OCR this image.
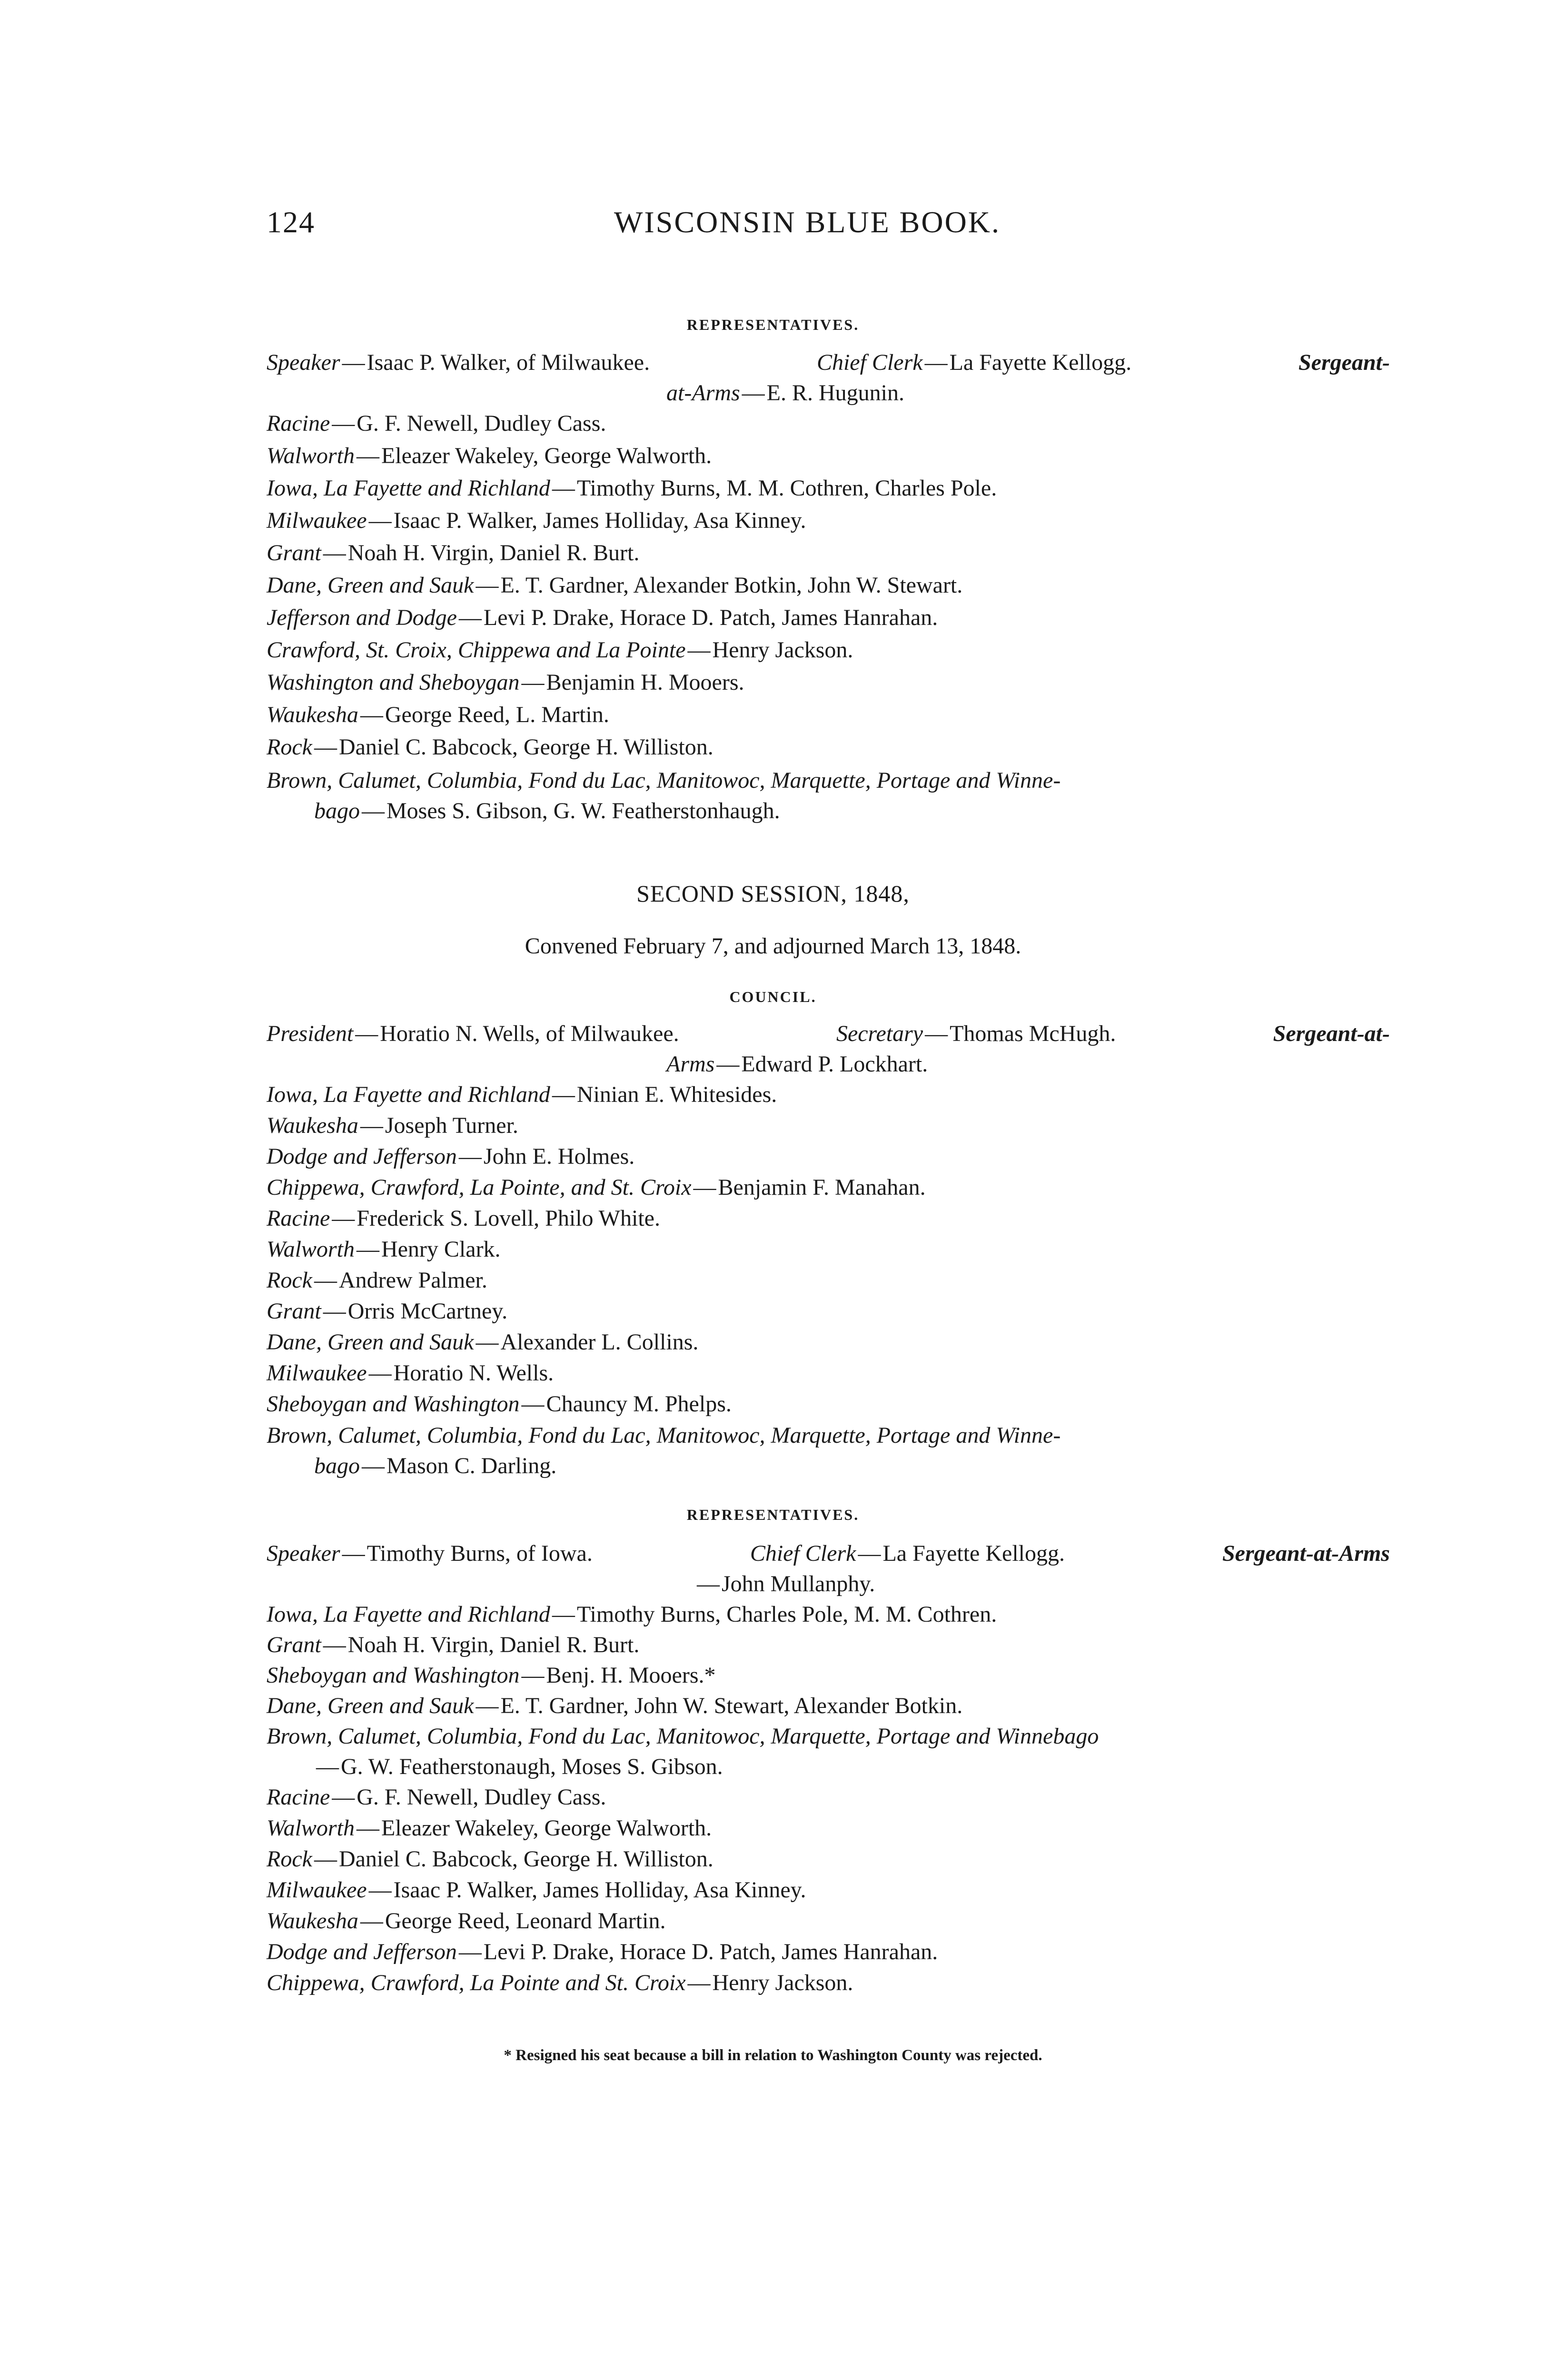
124	WISCONSIN BLUE BOOK.
REPRESENTATIVES.
Speaker—Isaac P. Walker, of Milwaukee.	Chief Clerk—La Fayette Kellogg.	Sergeant-
at-Arms—E. R. Hugunin.
Racine—G. F. Newell, Dudley Cass.
Walworth—Eleazer Wakeley, George Walworth.
Iowa, La Fayette and Richland—Timothy Burns, M. M. Cothren, Charles Pole.
Milwaukee—Isaac P. Walker, James Holliday, Asa Kinney.
Grant—Noah H. Virgin, Daniel R. Burt.
Dane, Green and Sauk—E. T. Gardner, Alexander Botkin, John W. Stewart.
Jefferson and Dodge—Levi P. Drake, Horace D. Patch, James Hanrahan.
Crawford, St. Croix, Chippewa and La Pointe—Henry Jackson.
Washington and Sheboygan—Benjamin H. Mooers.
Waukesha—George Reed, L. Martin.
Rock—Daniel C. Babcock, George H. Williston.
Brown, Calumet, Columbia, Fond du Lac, Manitowoc, Marquette, Portage and Winne-
bago—Moses S. Gibson, G. W. Featherstonhaugh.
SECOND SESSION, 1848,
Convened February 7, and adjourned March 13, 1848.
COUNCIL.
President—Horatio N. Wells, of Milwaukee.	Secretary—Thomas McHugh.	Sergeant-at-
Arms—Edward P. Lockhart.
Iowa, La Fayette and Richland—Ninian E. Whitesides.
Waukesha—Joseph Turner.
Dodge and Jefferson—John E. Holmes.
Chippewa, Crawford, La Pointe, and St. Croix—Benjamin F. Manahan.
Racine—Frederick S. Lovell, Philo White.
Walworth—Henry Clark.
Rock—Andrew Palmer.
Grant—Orris McCartney.
Dane, Green and Sauk—Alexander L. Collins.
Milwaukee—Horatio N. Wells.
Sheboygan and Washington—Chauncy M. Phelps.
Brown, Calumet, Columbia, Fond du Lac, Manitowoc, Marquette, Portage and Winne-
bago—Mason C. Darling.
REPRESENTATIVES.
Speaker—Timothy Burns, of Iowa.	Chief Clerk—La Fayette Kellogg.	Sergeant-at-Arms
—John Mullanphy.
Iowa, La Fayette and Richland—Timothy Burns, Charles Pole, M. M. Cothren.
Grant—Noah H. Virgin, Daniel R. Burt.
Sheboygan and Washington—Benj. H. Mooers.*
Dane, Green and Sauk—E. T. Gardner, John W. Stewart, Alexander Botkin.
Brown, Calumet, Columbia, Fond du Lac, Manitowoc, Marquette, Portage and Winnebago
—G. W. Featherstonaugh, Moses S. Gibson.
Racine—G. F. Newell, Dudley Cass.
Walworth—Eleazer Wakeley, George Walworth.
Rock—Daniel C. Babcock, George H. Williston.
Milwaukee—Isaac P. Walker, James Holliday, Asa Kinney.
Waukesha—George Reed, Leonard Martin.
Dodge and Jefferson—Levi P. Drake, Horace D. Patch, James Hanrahan.
Chippewa, Crawford, La Pointe and St. Croix—Henry Jackson.
* Resigned his seat because a bill in relation to Washington County was rejected.
